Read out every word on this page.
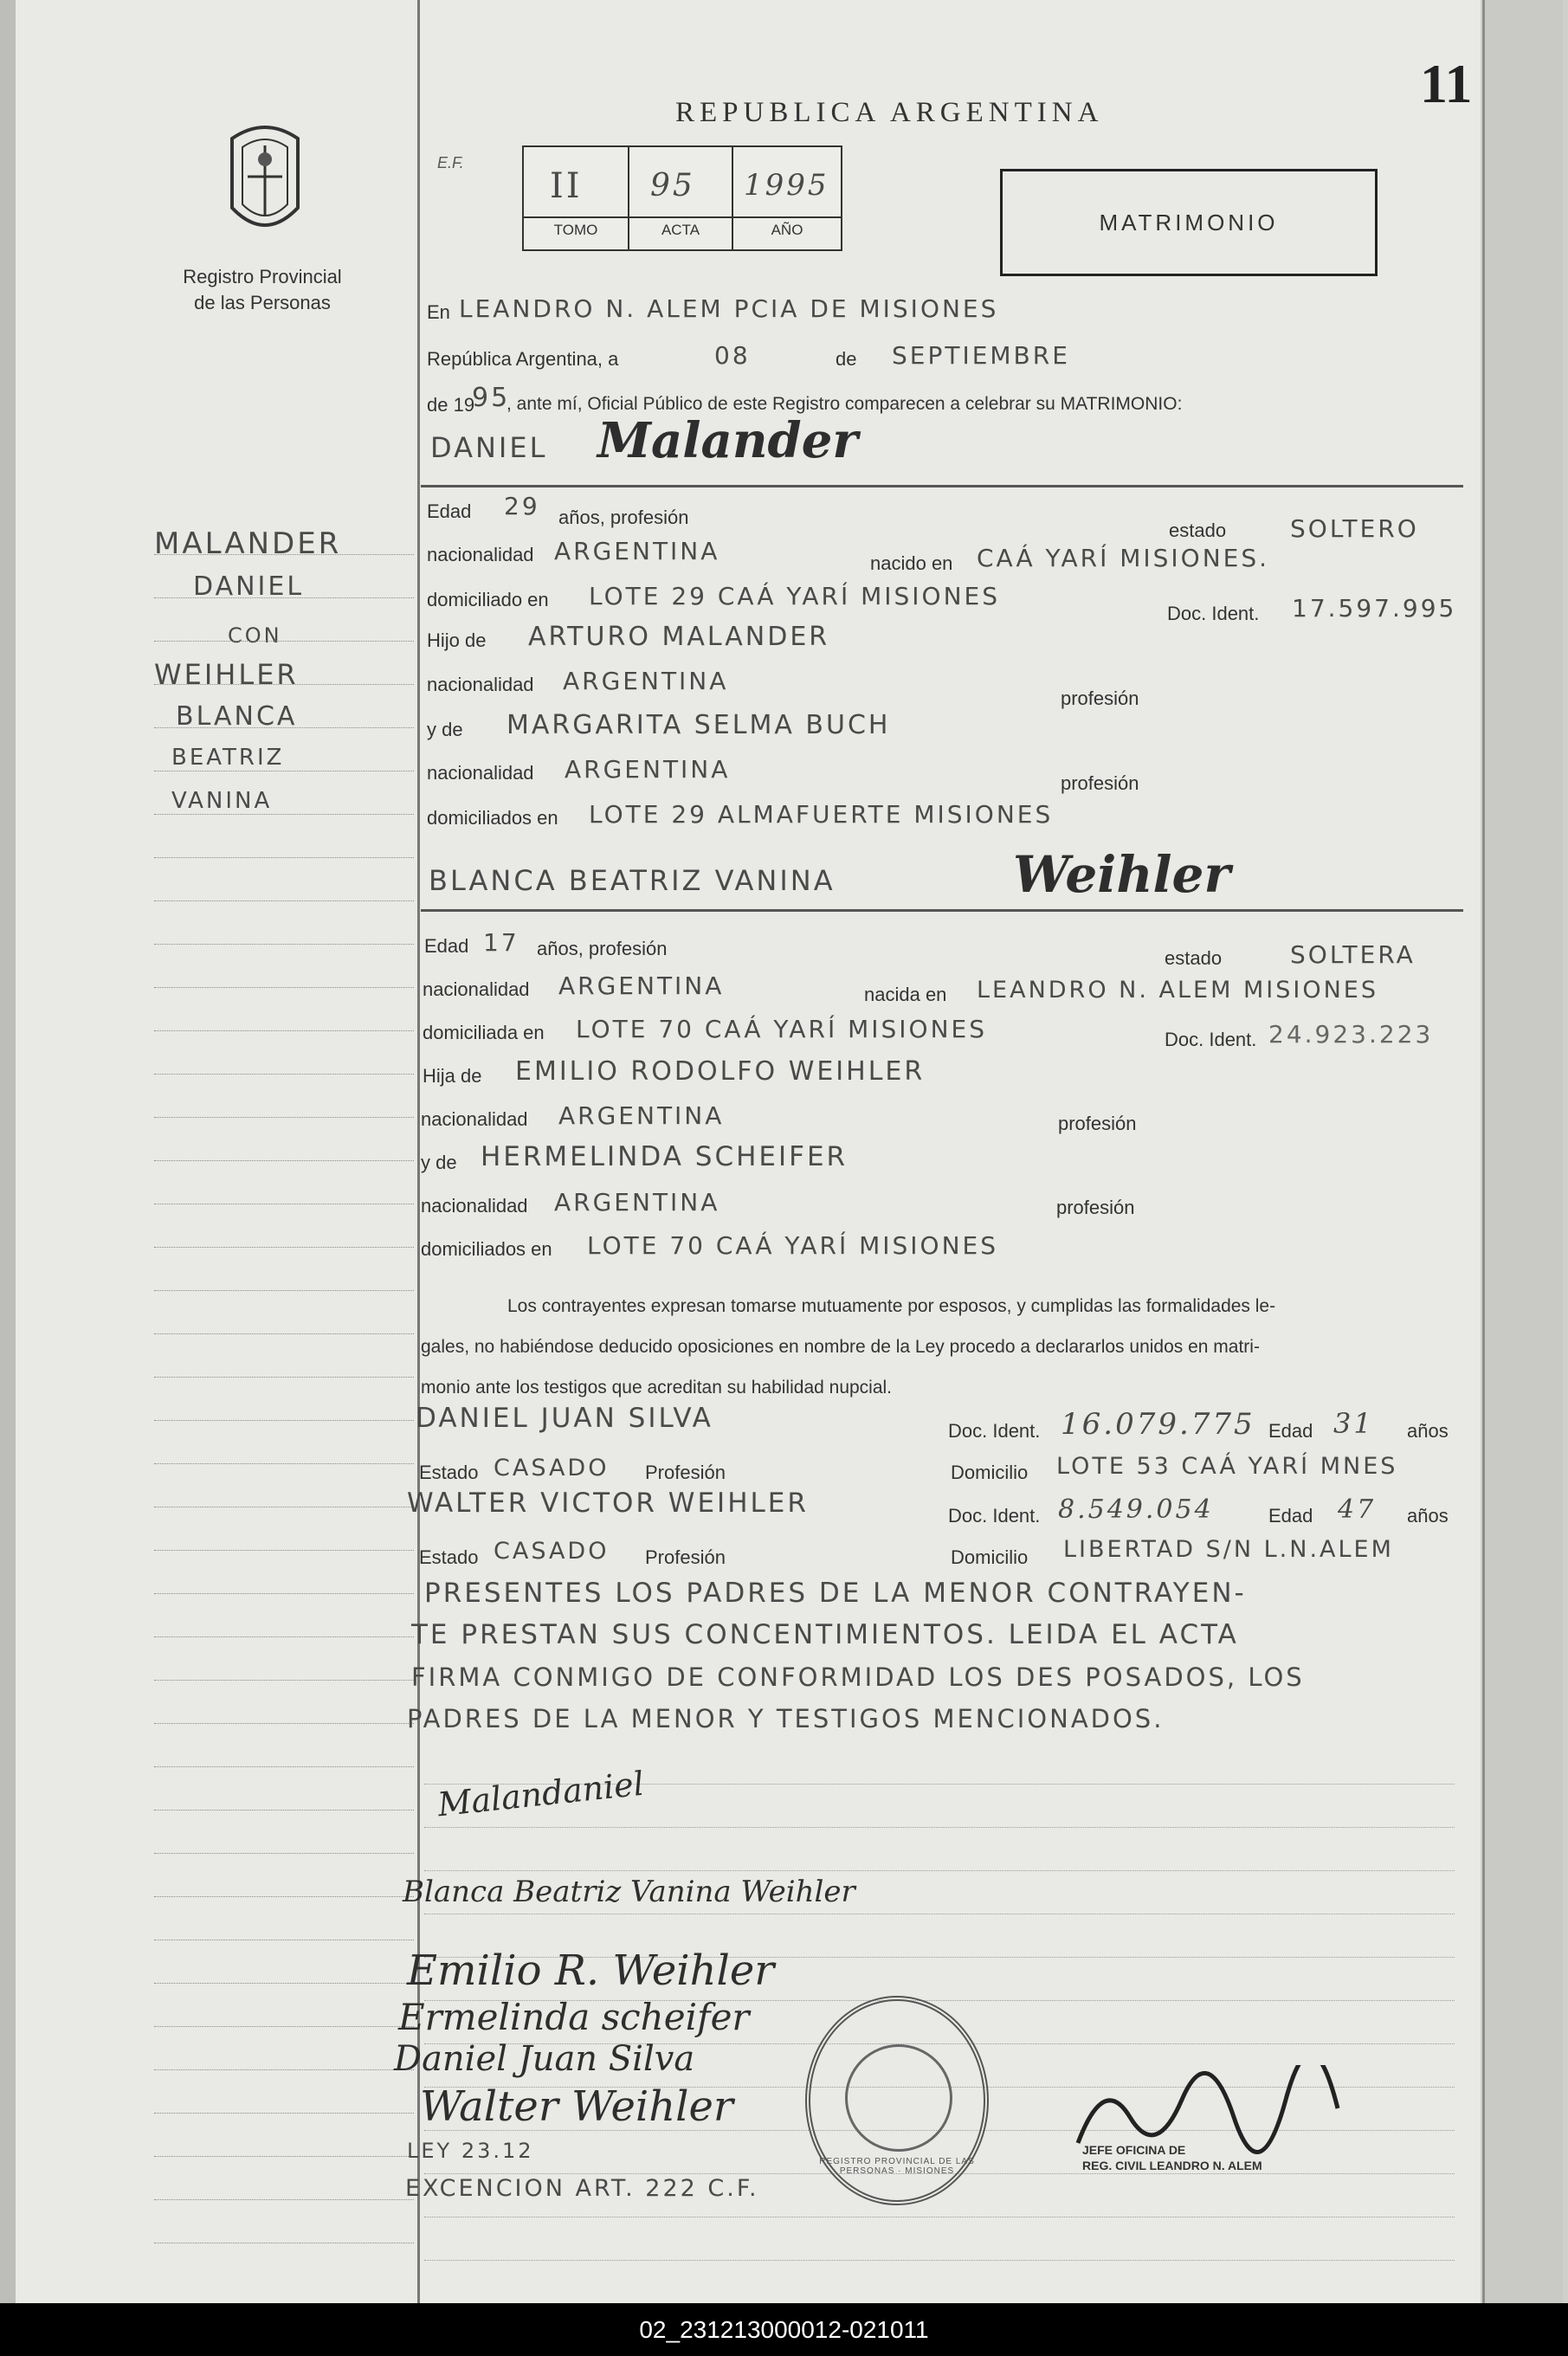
Registro Provincial
de las Personas
MALANDER
DANIEL
CON
WEIHLER
BLANCA
BEATRIZ
VANINA
REPUBLICA ARGENTINA	11
E.F.
II
TOMO
95
ACTA
1995
AÑO	MATRIMONIO
En LEANDRO N. ALEM PCIA DE MISIONES
República Argentina, a	08	de SEPTIEMBRE
de 19
95
, ante mí, Oficial Público de este Registro comparecen a celebrar su MATRIMONIO:
DANIEL Malander
Edad 29 años, profesión
estado	SOLTERO
nacionalidad ARGENTINA	nacido en CAÁ YARÍ MISIONES.
domiciliado en LOTE 29 CAÁ YARÍ MISIONES
Doc. Ident. 17.597.995
Hijo de ARTURO MALANDER
nacionalidad ARGENTINA
profesión
y de MARGARITA SELMA BUCH
nacionalidad ARGENTINA	profesión
domiciliados en LOTE 29 ALMAFUERTE MISIONES
BLANCA BEATRIZ VANINA	Weihler
Edad 17 años, profesión	estado	SOLTERA
nacionalidad ARGENTINA	nacida en LEANDRO N. ALEM MISIONES
domiciliada en LOTE 70 CAÁ YARÍ MISIONES	Doc. Ident. 24.923.223
Hija de EMILIO RODOLFO WEIHLER
nacionalidad ARGENTINA	profesión
y de HERMELINDA SCHEIFER
nacionalidad ARGENTINA	profesión
domiciliados en LOTE 70 CAÁ YARÍ MISIONES
Los contrayentes expresan tomarse mutuamente por esposos, y cumplidas las formalidades le-
gales, no habiéndose deducido oposiciones en nombre de la Ley procedo a declararlos unidos en matri-
monio ante los testigos que acreditan su habilidad nupcial.
DANIEL JUAN SILVA	Doc. Ident. 16.079.775 Edad 31 años
Estado CASADO Profesión	Domicilio LOTE 53 CAÁ YARÍ MNES
WALTER VICTOR WEIHLER	Doc. Ident. 8.549.054	Edad 47 años
Estado CASADO Profesión	Domicilio LIBERTAD S/N L.N.ALEM
PRESENTES LOS PADRES DE LA MENOR CONTRAYEN-
TE PRESTAN SUS CONCENTIMIENTOS. LEIDA EL ACTA
FIRMA CONMIGO DE CONFORMIDAD LOS DES POSADOS, LOS
PADRES DE LA MENOR Y TESTIGOS MENCIONADOS.
Malandaniel
Blanca Beatriz Vanina Weihler
Emilio R. Weihler
Ermelinda scheifer
Daniel Juan Silva
Walter Weihler
LEY 23.12
EXCENCION ART. 222 C.F.
REGISTRO PROVINCIAL DE LAS PERSONAS · MISIONES
JEFE OFICINA DE
REG. CIVIL LEANDRO N. ALEM
02_231213000012-021011
